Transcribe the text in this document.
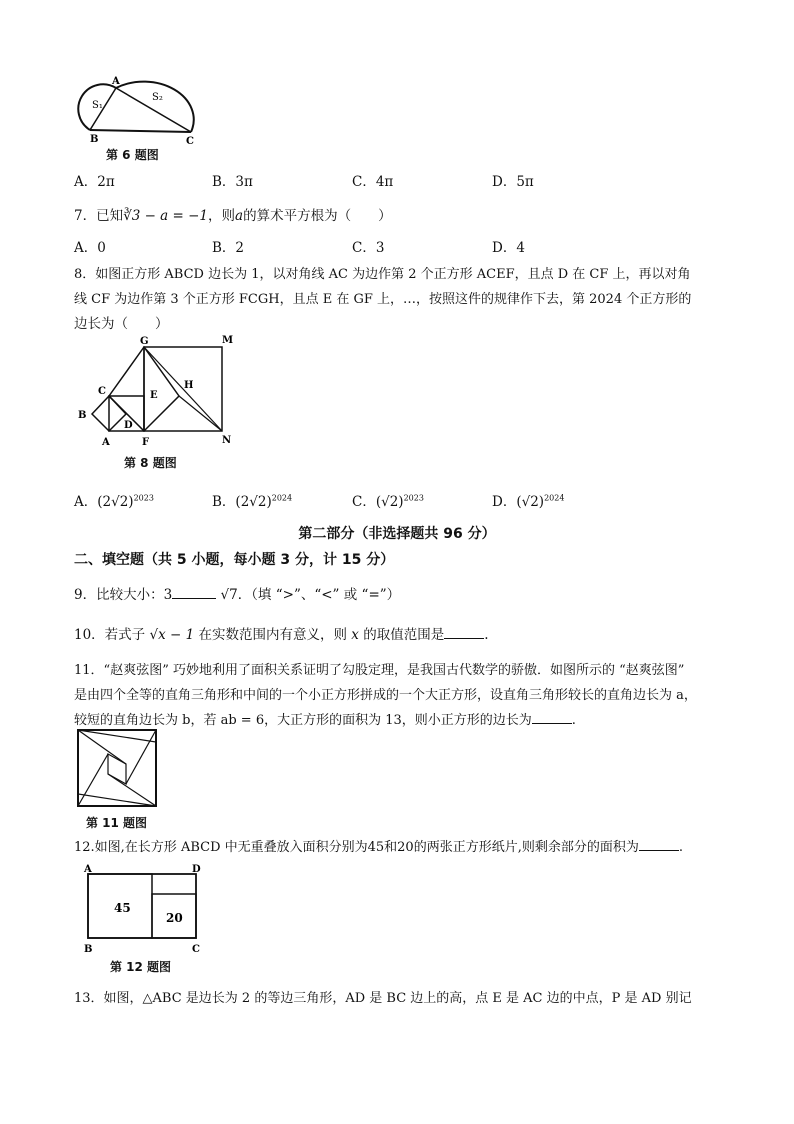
A
B	C
S₁
S₂
第 6 题图
A．2π	B．3π	C．4π	D．5π
7．已知∛3 − a = −1，则a的算术平方根为（　　）
A．0	B．2	C．3	D．4
8．如图正方形 ABCD 边长为 1，以对角线 AC 为边作第 2 个正方形 ACEF，且点 D 在 CF 上，再以对角
线 CF 为边作第 3 个正方形 FCGH，且点 E 在 GF 上，…，按照这件的规律作下去，第 2024 个正方形的
边长为（　　）
A
B
C
D
E
F
G
H
M
N
第 8 题图
A．$(2√2)^{2023}$	B．$(2√2)^{2024}$	C．$(√2)^{2023}$	D．$(√2)^{2024}$
第二部分（非选择题共 96 分）
二、填空题（共 5 小题，每小题 3 分，计 15 分）
9．比较大小：3	√7．（填 “>”、“<” 或 “=”）
10．若式子 √x − 1 在实数范围内有意义，则 x 的取值范围是	.
11．“赵爽弦图” 巧妙地利用了面积关系证明了勾股定理，是我国古代数学的骄傲．如图所示的 “赵爽弦图”
是由四个全等的直角三角形和中间的一个小正方形拼成的一个大正方形，设直角三角形较长的直角边长为 a，
较短的直角边长为 b，若 ab = 6，大正方形的面积为 13，则小正方形的边长为	.
第 11 题图
12.如图,在长方形 ABCD 中无重叠放入面积分别为45和20的两张正方形纸片,则剩余部分的面积为	.
A	D
B	C
45
20
第 12 题图
13．如图，△ABC 是边长为 2 的等边三角形，AD 是 BC 边上的高，点 E 是 AC 边的中点，P 是 AD 别记
